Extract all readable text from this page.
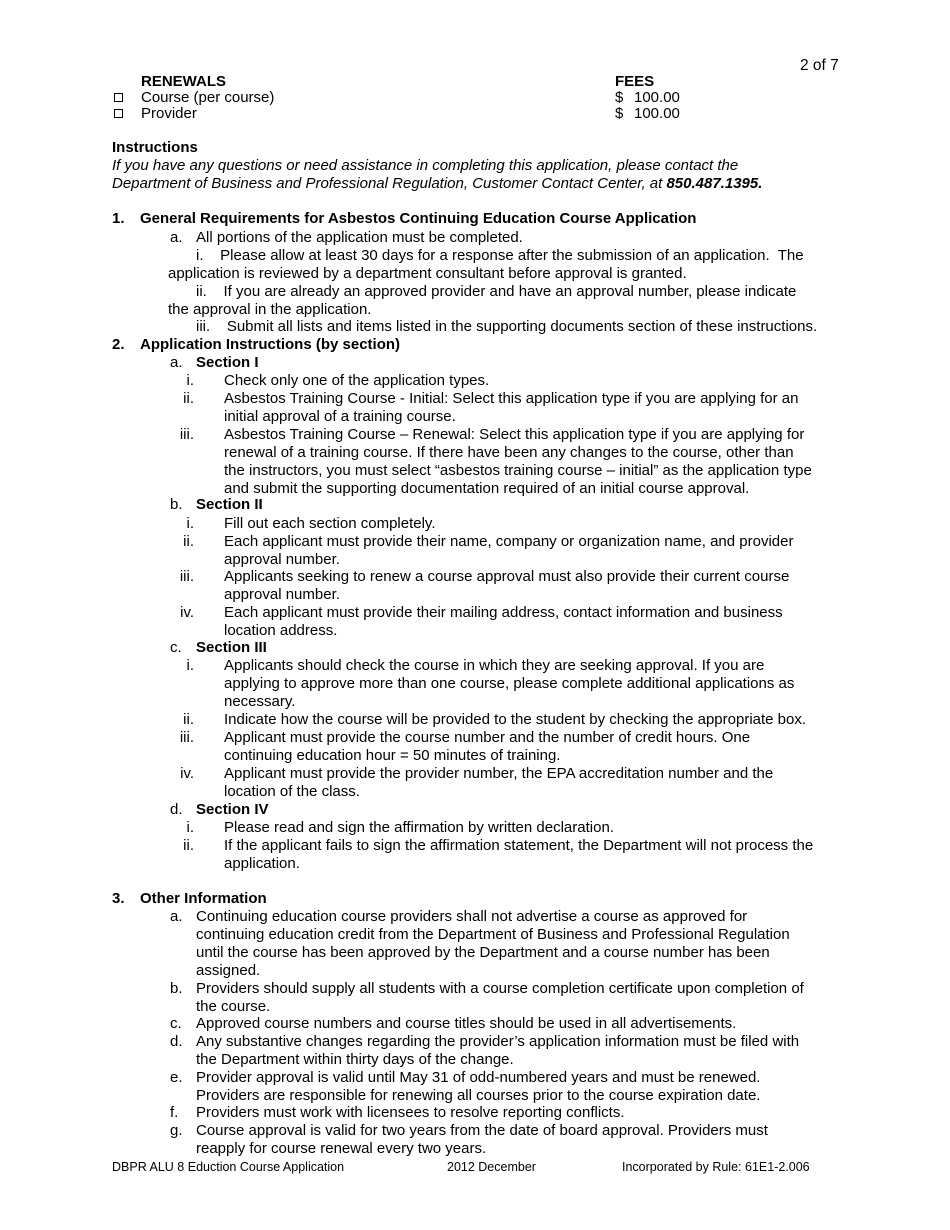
2 of 7
RENEWALS	FEES
Course (per course)	$ 100.00
Provider	$ 100.00
Instructions
If you have any questions or need assistance in completing this application, please contact the
Department of Business and Professional Regulation, Customer Contact Center, at 850.487.1395.
1. General Requirements for Asbestos Continuing Education Course Application
a. All portions of the application must be completed.
i.    Please allow at least 30 days for a response after the submission of an application.  The
application is reviewed by a department consultant before approval is granted.
ii.    If you are already an approved provider and have an approval number, please indicate
the approval in the application.
iii.    Submit all lists and items listed in the supporting documents section of these instructions.
2. Application Instructions (by section)
a. Section I
i. Check only one of the application types.
ii. Asbestos Training Course - Initial: Select this application type if you are applying for an
initial approval of a training course.
iii. Asbestos Training Course – Renewal: Select this application type if you are applying for
renewal of a training course. If there have been any changes to the course, other than
the instructors, you must select “asbestos training course – initial” as the application type
and submit the supporting documentation required of an initial course approval.
b. Section II
i. Fill out each section completely.
ii. Each applicant must provide their name, company or organization name, and provider
approval number.
iii. Applicants seeking to renew a course approval must also provide their current course
approval number.
iv. Each applicant must provide their mailing address, contact information and business
location address.
c. Section III
i. Applicants should check the course in which they are seeking approval. If you are
applying to approve more than one course, please complete additional applications as
necessary.
ii. Indicate how the course will be provided to the student by checking the appropriate box.
iii. Applicant must provide the course number and the number of credit hours. One
continuing education hour = 50 minutes of training.
iv. Applicant must provide the provider number, the EPA accreditation number and the
location of the class.
d. Section IV
i. Please read and sign the affirmation by written declaration.
ii. If the applicant fails to sign the affirmation statement, the Department will not process the
application.
3. Other Information
a. Continuing education course providers shall not advertise a course as approved for
continuing education credit from the Department of Business and Professional Regulation
until the course has been approved by the Department and a course number has been
assigned.
b. Providers should supply all students with a course completion certificate upon completion of
the course.
c. Approved course numbers and course titles should be used in all advertisements.
d. Any substantive changes regarding the provider’s application information must be filed with
the Department within thirty days of the change.
e. Provider approval is valid until May 31 of odd-numbered years and must be renewed.
Providers are responsible for renewing all courses prior to the course expiration date.
f. Providers must work with licensees to resolve reporting conflicts.
g. Course approval is valid for two years from the date of board approval. Providers must
reapply for course renewal every two years.
DBPR ALU 8 Eduction Course Application	2012 December	Incorporated by Rule: 61E1-2.006
